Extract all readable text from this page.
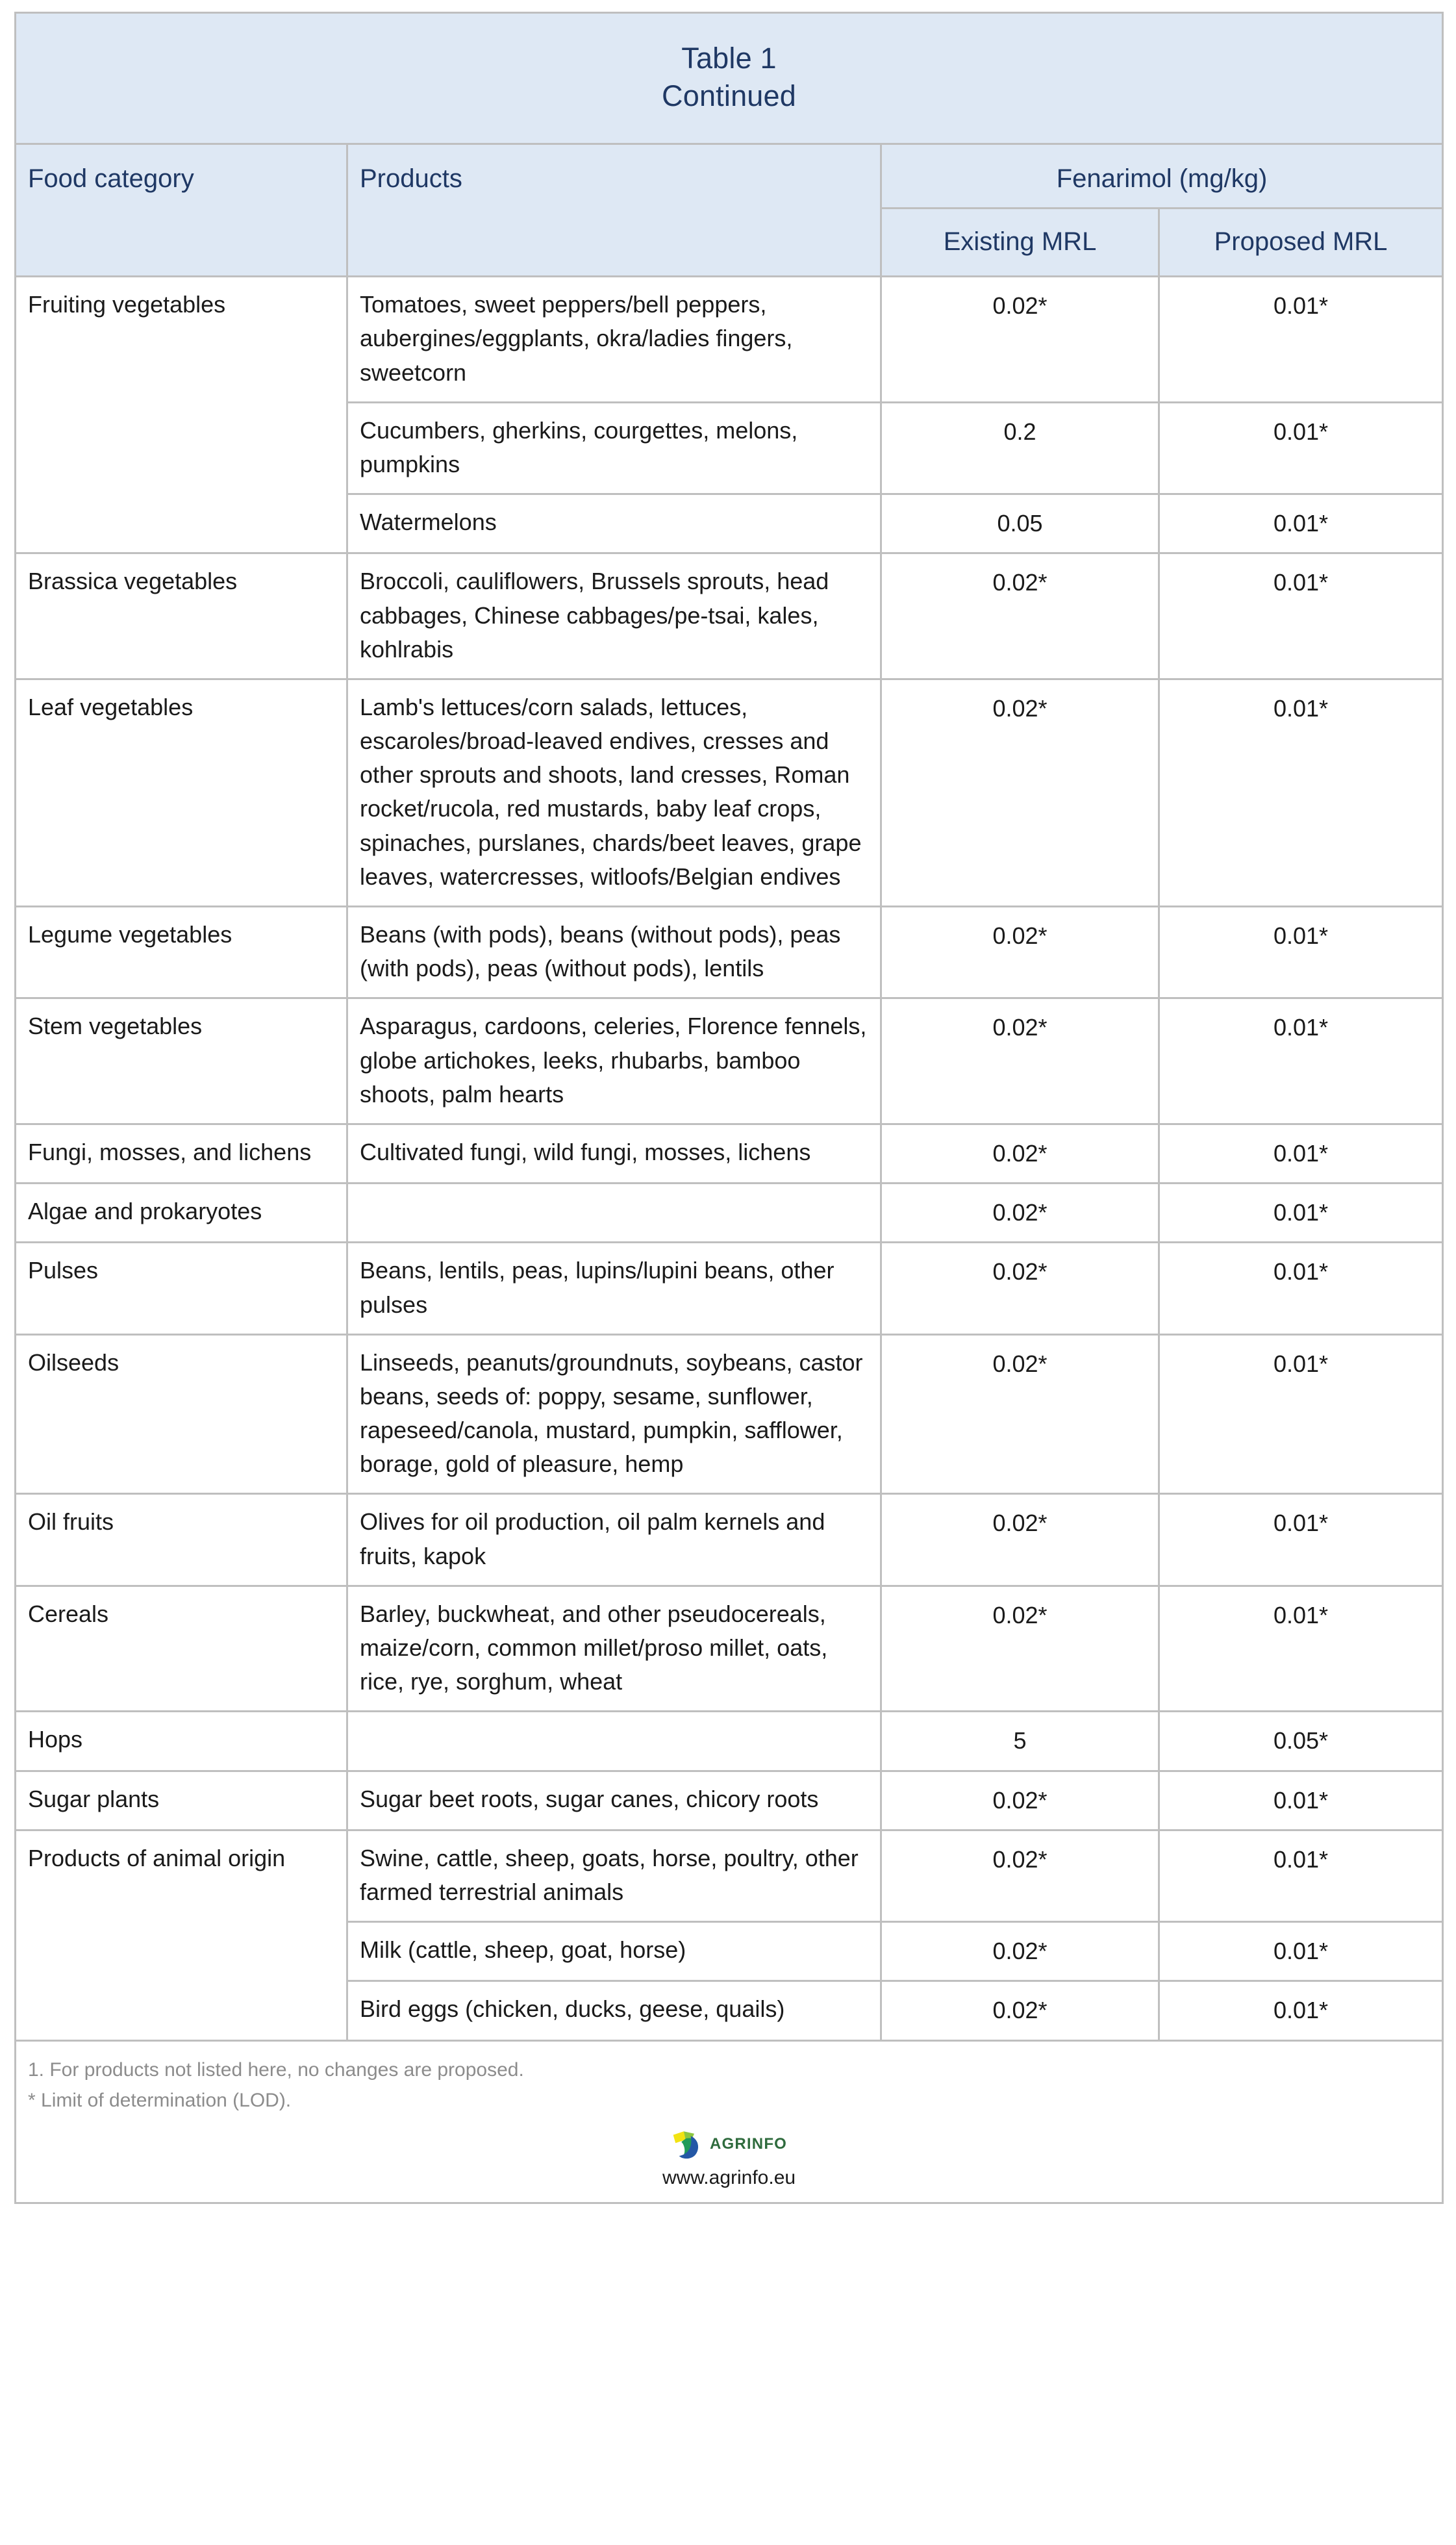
Table 1
Continued			

Food category	Products	Fenarimol (mg/kg)	
		Existing MRL	Proposed MRL
Fruiting vegetables	Tomatoes, sweet peppers/bell peppers, aubergines/eggplants, okra/ladies fingers, sweetcorn	0.02*	0.01*
	Cucumbers, gherkins, courgettes, melons, pumpkins	0.2	0.01*
	Watermelons	0.05	0.01*
Brassica vegetables	Broccoli, cauliflowers, Brussels sprouts, head cabbages, Chinese cabbages/pe-tsai, kales, kohlrabis	0.02*	0.01*
Leaf vegetables	Lamb's lettuces/corn salads, lettuces, escaroles/broad-leaved endives, cresses and other sprouts and shoots, land cresses, Roman rocket/rucola, red mustards, baby leaf crops, spinaches, purslanes, chards/beet leaves, grape leaves, watercresses, witloofs/Belgian endives	0.02*	0.01*
Legume vegetables	Beans (with pods), beans (without pods), peas (with pods), peas (without pods), lentils	0.02*	0.01*
Stem vegetables	Asparagus, cardoons, celeries, Florence fennels, globe artichokes, leeks, rhubarbs, bamboo shoots, palm hearts	0.02*	0.01*
Fungi, mosses, and lichens	Cultivated fungi, wild fungi, mosses, lichens	0.02*	0.01*
Algae and prokaryotes		0.02*	0.01*
Pulses	Beans, lentils, peas, lupins/lupini beans, other pulses	0.02*	0.01*
Oilseeds	Linseeds, peanuts/groundnuts, soybeans, castor beans, seeds of: poppy, sesame, sunflower, rapeseed/canola, mustard, pumpkin, safflower, borage, gold of pleasure, hemp	0.02*	0.01*
Oil fruits	Olives for oil production, oil palm kernels and fruits, kapok	0.02*	0.01*
Cereals	Barley, buckwheat, and other pseudocereals, maize/corn, common millet/proso millet, oats, rice, rye, sorghum, wheat	0.02*	0.01*
Hops		5	0.05*
Sugar plants	Sugar beet roots, sugar canes, chicory roots	0.02*	0.01*
Products of animal origin	Swine, cattle, sheep, goats, horse, poultry, other farmed terrestrial animals	0.02*	0.01*
	Milk (cattle, sheep, goat, horse)	0.02*	0.01*
	Bird eggs (chicken, ducks, geese, quails)	0.02*	0.01*

1. For products not listed here, no changes are proposed.

* Limit of determination (LOD).

AGRINFO
www.agrinfo.eu			
